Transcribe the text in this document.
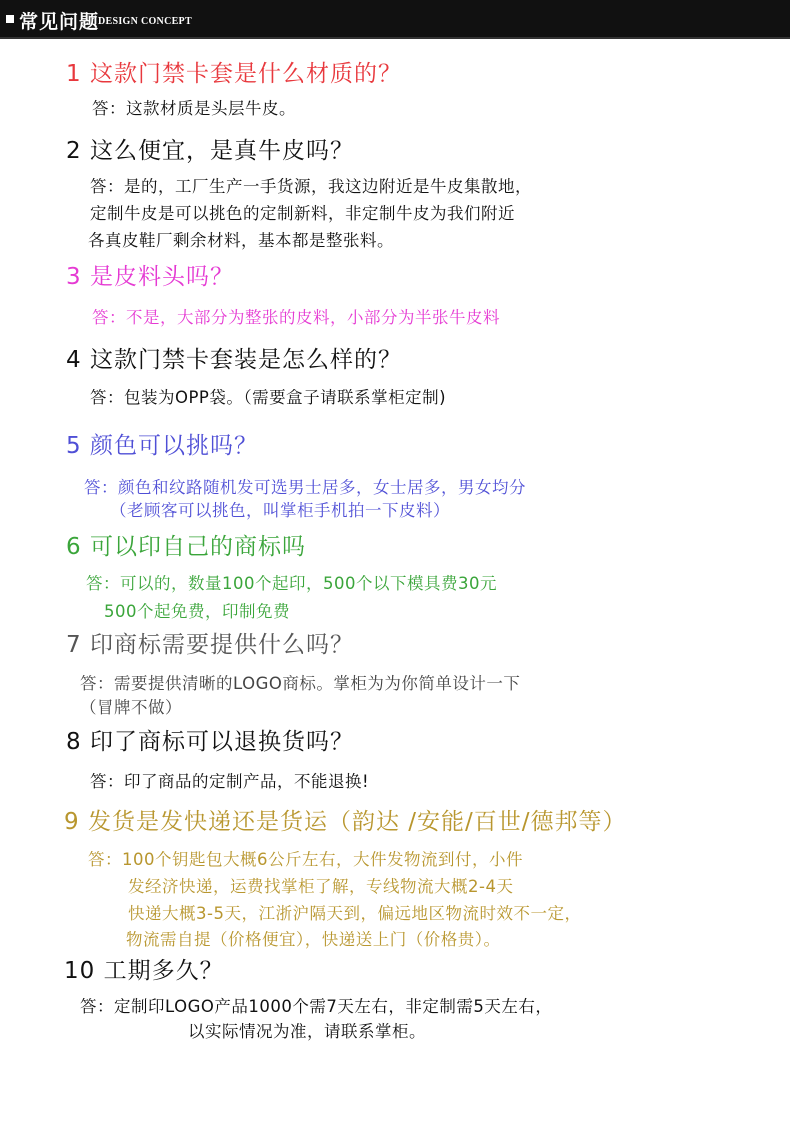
常见问题
DESIGN CONCEPT
1 这款门禁卡套是什么材质的？
答：这款材质是头层牛皮。
2 这么便宜，是真牛皮吗？
答：是的，工厂生产一手货源，我这边附近是牛皮集散地，
定制牛皮是可以挑色的定制新料，非定制牛皮为我们附近
各真皮鞋厂剩余材料，基本都是整张料。
3 是皮料头吗？
答：不是，大部分为整张的皮料，小部分为半张牛皮料
4 这款门禁卡套装是怎么样的？
答：包装为OPP袋。（需要盒子请联系掌柜定制)
5 颜色可以挑吗？
答：颜色和纹路随机发可选男士居多，女士居多，男女均分
（老顾客可以挑色，叫掌柜手机拍一下皮料）
6 可以印自己的商标吗
答：可以的，数量100个起印，500个以下模具费30元
500个起免费，印制免费
7 印商标需要提供什么吗？
答：需要提供清晰的LOGO商标。掌柜为为你简单设计一下
（冒牌不做）
8 印了商标可以退换货吗？
答：印了商品的定制产品，不能退换!
9 发货是发快递还是货运（韵达 /安能/百世/德邦等）
答：100个钥匙包大概6公斤左右，大件发物流到付，小件
发经济快递，运费找掌柜了解，专线物流大概2-4天
快递大概3-5天，江浙沪隔天到，偏远地区物流时效不一定，
物流需自提（价格便宜），快递送上门（价格贵）。
10 工期多久？
答：定制印LOGO产品1000个需7天左右，非定制需5天左右，
以实际情况为准，请联系掌柜。
